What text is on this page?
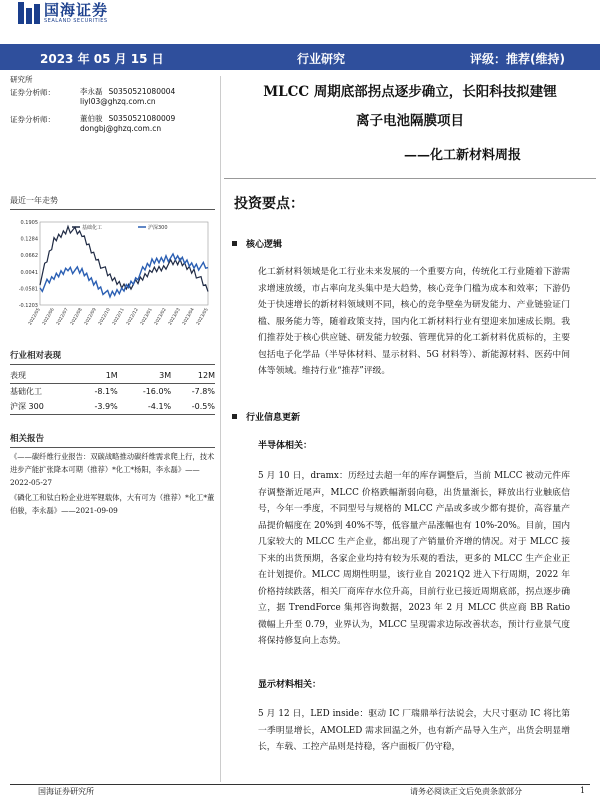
国海证券
SEALAND SECURITIES
2023 年 05 月 15 日	行业研究	评级：推荐(维持)
研究所
证券分析师：	李永磊 S0350521080004
liyl03@ghzq.com.cn
证券分析师：	董伯骏 S0350521080009
dongbj@ghzq.com.cn
最近一年走势
0.1905
0.1284
0.0662
0.0041
-0.0581
-0.1203
2022/05 2022/06 2022/07 2022/08 2022/09 2022/10 2022/11 2022/12 2023/01 2023/02 2023/03 2023/04 2023/05
基础化工	沪深300
行业相对表现
表现	1M	3M	12M
基础化工	-8.1%	-16.0%	-7.8%
沪深 300	-3.9%	-4.1%	-0.5%
相关报告
《——碳纤维行业报告：双碳战略推动碳纤维需求爬上行，技术进步产能扩张降本可期（推荐）*化工*杨阳，李永磊》——2022-05-27
《磷化工和钛白粉企业进军锂载体，大有可为（推荐）*化工*董伯骏，李永磊》——2021-09-09
MLCC 周期底部拐点逐步确立，长阳科技拟建锂
离子电池隔膜项目
——化工新材料周报
投资要点：
核心逻辑
化工新材料领域是化工行业未来发展的一个重要方向，传统化工行业随着下游需求增速放缓，市占率向龙头集中是大趋势，核心竞争门槛为成本和效率；下游仍处于快速增长的新材料领域则不同，核心的竞争壁垒为研发能力、产业链验证门槛、服务能力等，随着政策支持，国内化工新材料行业有望迎来加速成长期。我们推荐处于核心供应链、研发能力较强、管理优异的化工新材料优质标的，主要包括电子化学品（半导体材料、显示材料、5G 材料等）、新能源材料、医药中间体等领域。维持行业“推荐”评级。
行业信息更新
半导体相关：
5 月 10 日，dramx：历经过去超一年的库存调整后，当前 MLCC 被动元件库存调整渐近尾声，MLCC 价格跌幅渐弱向稳，出货量渐长，释放出行业触底信号，今年一季度，不同型号与规格的 MLCC 产品或多或少都有提价，高容量产品提价幅度在 20%到 40%不等，低容量产品涨幅也有 10%-20%。目前，国内几家较大的 MLCC 生产企业，都出现了产销量价齐增的情况。对于 MLCC 接下来的出货预期，各家企业均持有较为乐观的看法，更多的 MLCC 生产企业正在计划提价。MLCC 周期性明显，该行业自 2021Q2 进入下行周期，2022 年价格持续跌落，相关厂商库存水位升高，目前行业已接近周期底部，拐点逐步确立，据 TrendForce 集邦咨询数据，2023 年 2 月 MLCC 供应商 BB Ratio 微幅上升至 0.79，业界认为，MLCC 呈现需求边际改善状态，预计行业景气度将保持修复向上态势。
显示材料相关：
5 月 12 日，LED inside：驱动 IC 厂瑞鼎举行法说会，大尺寸驱动 IC 将比第一季明显增长，AMOLED 需求回温之外，也有新产品导入生产，出货会明显增长，车载、工控产品则是持稳，客户面板厂仍守稳，
国海证券研究所	请务必阅读正文后免责条款部分	1
